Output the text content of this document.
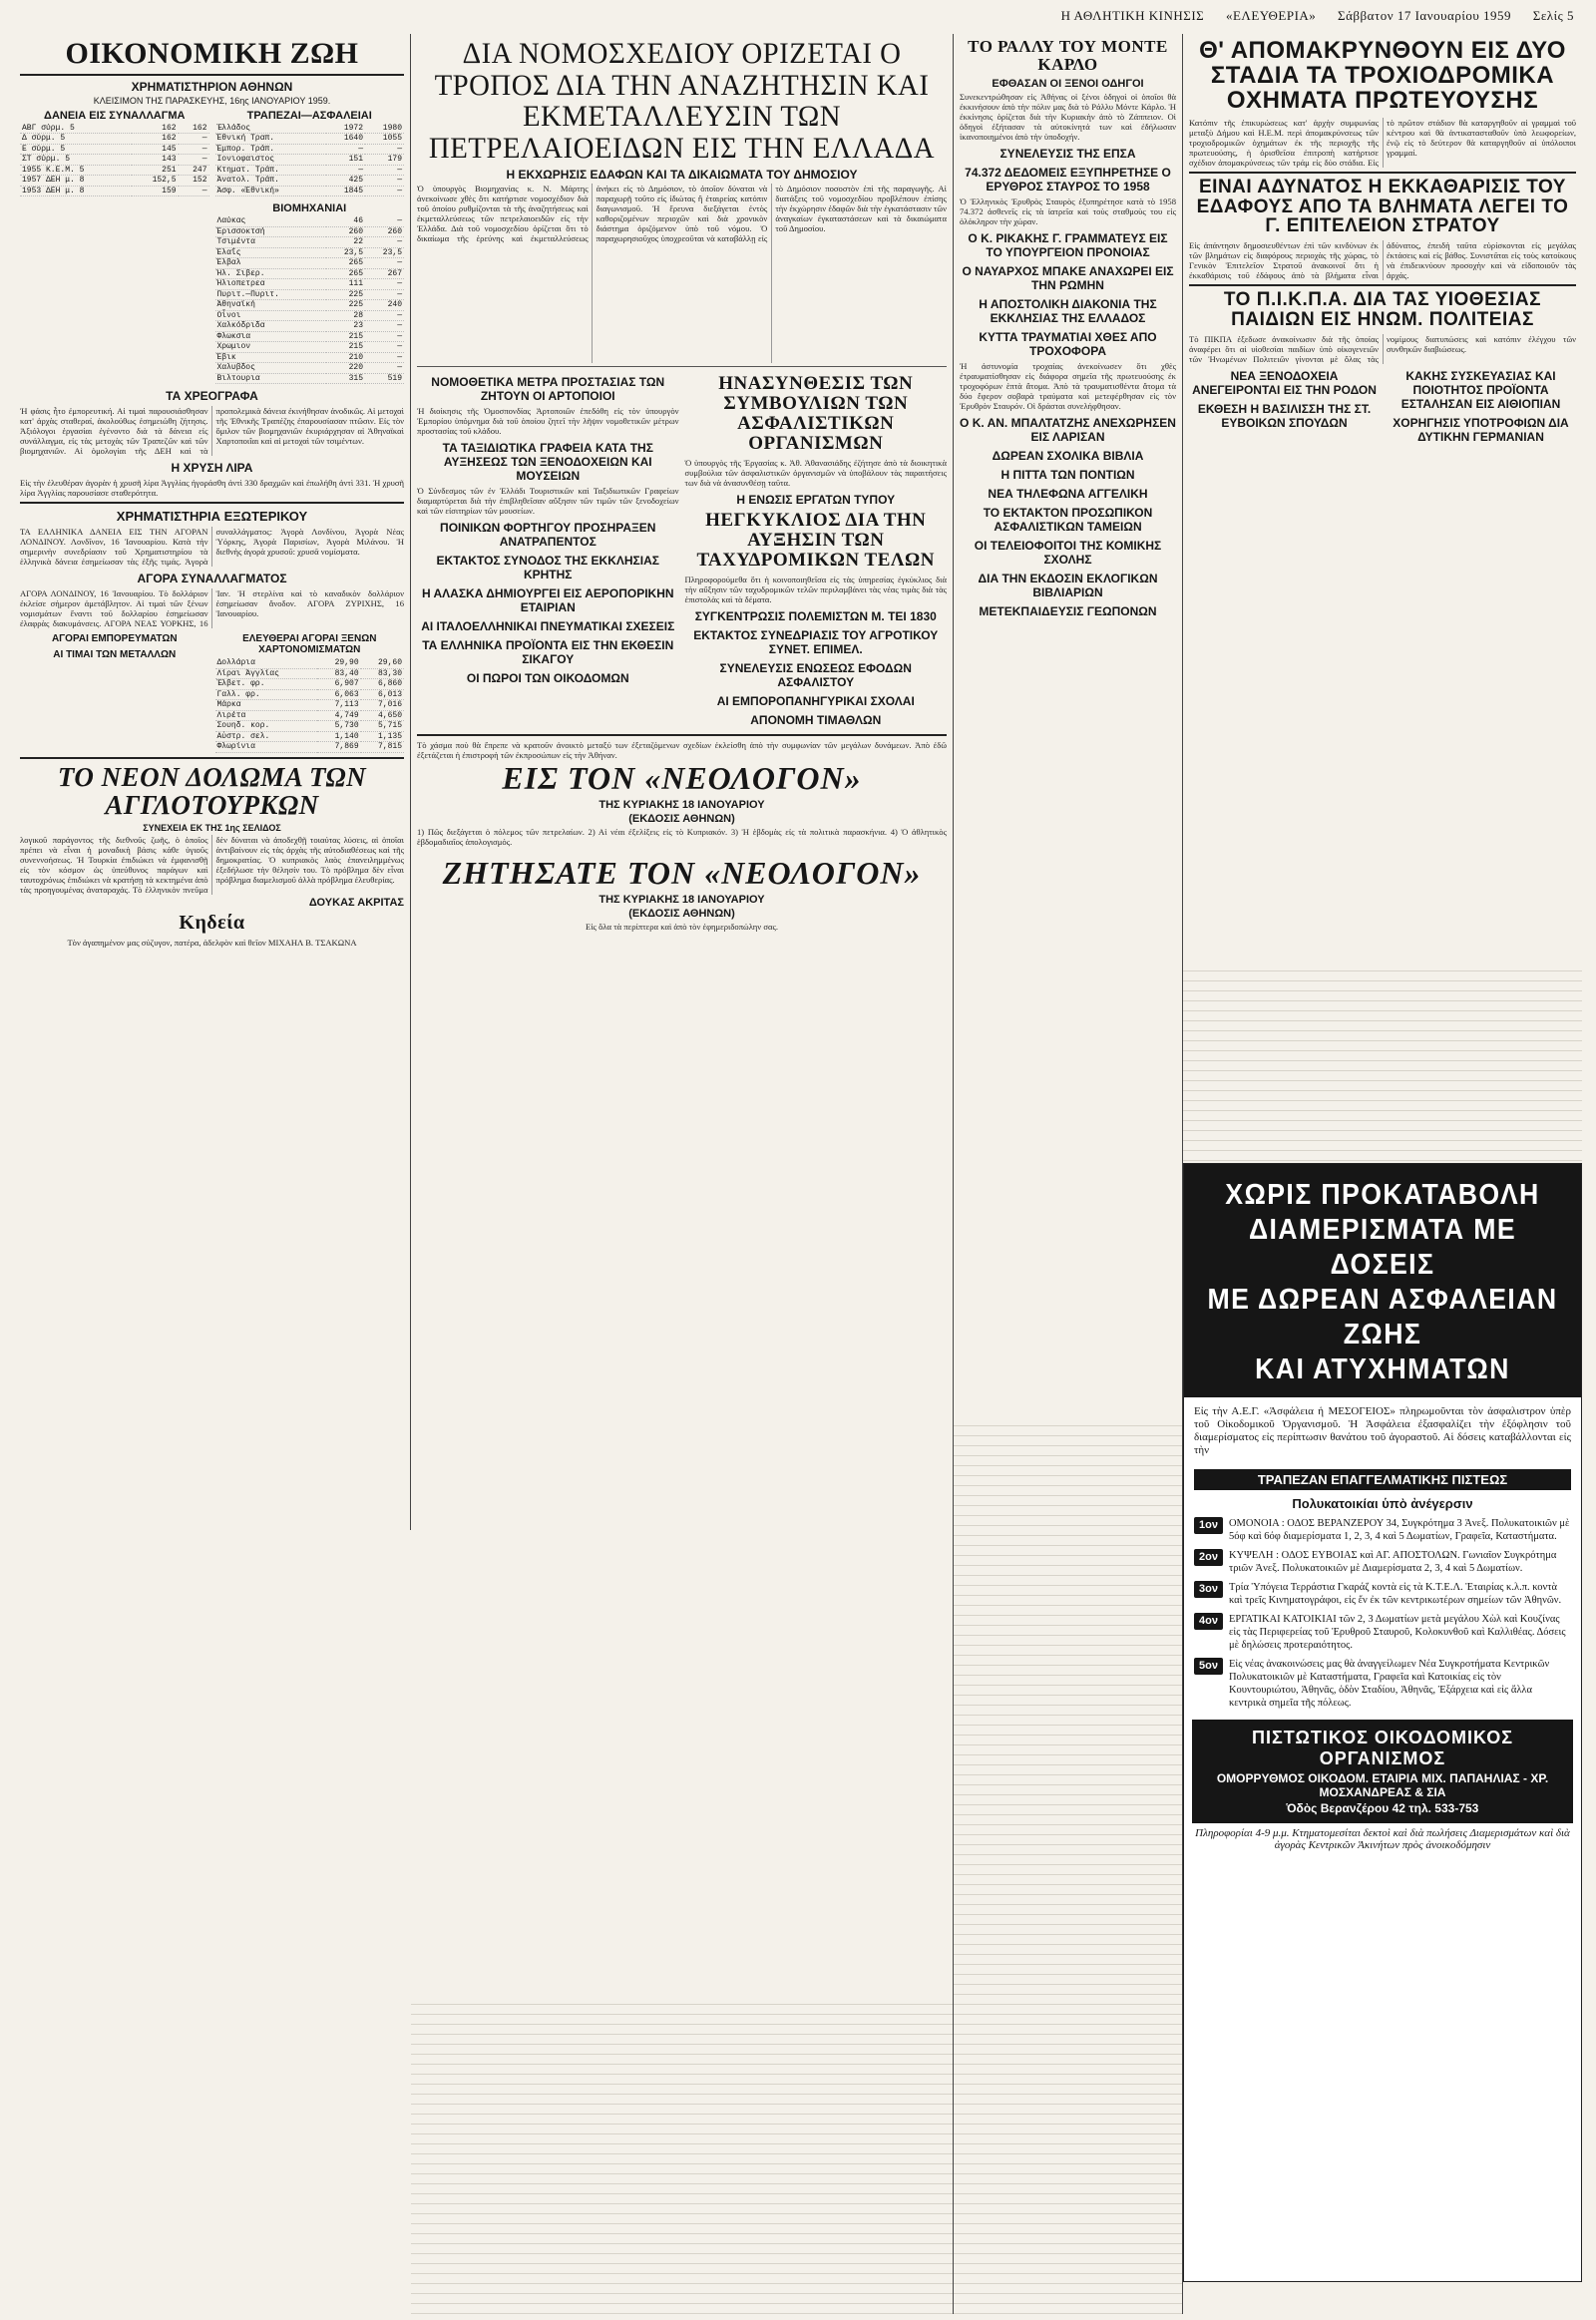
Η ΑΘΛΗΤΙΚΗ ΚΙΝΗΣΙΣ «ΕΛΕΥΘΕΡΙΑ» Σάββατον 17 Ιανουαρίου 1959 Σελίς 5
ΟΙΚΟΝΟΜΙΚΗ ΖΩΗ
ΧΡΗΜΑΤΙΣΤΗΡΙΟΝ ΑΘΗΝΩΝ
ΚΛΕΙΣΙΜΟΝ ΤΗΣ ΠΑΡΑΣΚΕΥΗΣ, 16ης ΙΑΝΟΥΑΡΙΟΥ 1959.
ΔΑΝΕΙΑ ΕΙΣ ΣΥΝΑΛΛΑΓΜΑ
ΑΒΓ σύρμ. 5	162	162
Δ σύρμ. 5	162	—
Ε σύρμ. 5	145	—
ΣΤ σύρμ. 5	143	—
1955 Κ.Ε.Μ. 5	251	247
1957 ΔΕΗ μ. 8	152,5	152
1953 ΔΕΗ μ. 8	159	—
ΤΡΑΠΕΖΑΙ—ΑΣΦΑΛΕΙΑΙ
Ἑλλάδος	1972	1980
Ἐθνική Τραπ.	1640	1055
Ἐμπορ. Τράπ.	—	—
Ιονιοφαιστος	151	179
Κτηματ. Τράπ.	—	—
Ἀνατολ. Τράπ.	425	—
Ἀσφ. «Ἐθνική»	1845	—
ΒΙΟΜΗΧΑΝΙΑΙ
Λαύκας	46	—
Ἐρισσοκτσή	260	260
Τσιμέντα	22	—
Ἐλαΐς	23,5	23,5
Ἐλβαλ	265	—
Ἡλ. Σιβερ.	265	267
Ἠλιοπετρεα	111	—
Πυριτ.—Πυριτ.	225	—
Ἀθηναϊκή	225	240
Οἶνοι	28	—
Χαλκόδριδα	23	—
Φλωκσια	215	—
Χρωμιον	215	—
Ἐβικ	210	—
Χαλυβδος	220	—
Βιλτουρια	315	519
ΤΑ ΧΡΕΟΓΡΑΦΑ
Ἡ φάσις ἦτο ἐμπορευτική. Αἱ τιμαὶ παρουσιάσθησαν κατ' ἀρχὰς σταθεραί, ἀκολούθως ἐσημειώθη ζήτησις. Ἀξιόλογοι ἐργασίαι ἐγένοντο διὰ τὰ δάνεια εἰς συνάλλαγμα, εἰς τὰς μετοχὰς τῶν Τραπεζῶν καὶ τῶν βιομηχανιῶν. Αἱ ὁμολογίαι τῆς ΔΕΗ καὶ τὰ προπολεμικὰ δάνεια ἐκινήθησαν ἀνοδικῶς. Αἱ μετοχαὶ τῆς Ἐθνικῆς Τραπέζης ἐπαρουσίασαν πτῶσιν. Εἰς τὸν ὅμιλον τῶν βιομηχανιῶν ἐκυριάρχησαν αἱ Ἀθηναϊκαὶ Χαρτοποιΐαι καὶ αἱ μετοχαὶ τῶν τσιμέντων.
Η ΧΡΥΣΗ ΛΙΡΑ
Εἰς τὴν ἐλευθέραν ἀγορὰν ἡ χρυσῆ λίρα Ἀγγλίας ἠγοράσθη ἀντὶ 330 δραχμῶν καὶ ἐπωλήθη ἀντὶ 331. Ἡ χρυσῆ λίρα Ἀγγλίας παρουσίασε σταθερότητα.
ΧΡΗΜΑΤΙΣΤΗΡΙΑ ΕΞΩΤΕΡΙΚΟΥ
ΤΑ ΕΛΛΗΝΙΚΑ ΔΑΝΕΙΑ ΕΙΣ ΤΗΝ ΑΓΟΡΑΝ ΛΟΝΔΙΝΟΥ. Λονδῖνον, 16 Ἰανουαρίου. Κατὰ τὴν σημερινὴν συνεδρίασιν τοῦ Χρηματιστηρίου τὰ ἑλληνικὰ δάνεια ἐσημείωσαν τὰς ἑξῆς τιμάς. Ἀγορὰ συναλλάγματος: Ἀγορὰ Λονδίνου, Ἀγορὰ Νέας Ὑόρκης, Ἀγορὰ Παρισίων, Ἀγορὰ Μιλάνου. Ἡ διεθνὴς ἀγορὰ χρυσοῦ: χρυσᾶ νομίσματα.
ΑΓΟΡΑ ΣΥΝΑΛΛΑΓΜΑΤΟΣ
ΑΓΟΡΑ ΛΟΝΔΙΝΟΥ, 16 Ἰανουαρίου. Τὸ δολλάριον ἐκλείσε σήμερον ἀμετάβλητον. Αἱ τιμαὶ τῶν ξένων νομισμάτων ἔναντι τοῦ δολλαρίου ἐσημείωσαν ἐλαφρὰς διακυμάνσεις. ΑΓΟΡΑ ΝΕΑΣ ΥΟΡΚΗΣ, 16 Ἰαν. Ἡ στερλίνα καὶ τὸ καναδικὸν δολλάριον ἐσημείωσαν ἄνοδον. ΑΓΟΡΑ ΖΥΡΙΧΗΣ, 16 Ἰανουαρίου.
ΑΓΟΡΑΙ ΕΜΠΟΡΕΥΜΑΤΩΝ
ΑΙ ΤΙΜΑΙ ΤΩΝ ΜΕΤΑΛΛΩΝ
ΕΛΕΥΘΕΡΑΙ ΑΓΟΡΑΙ ΞΕΝΩΝ ΧΑΡΤΟΝΟΜΙΣΜΑΤΩΝ
Δολλάρια	29,90	29,60
Λίραι Ἀγγλίας	83,40	83,30
Ἑλβετ. φρ.	6,907	6,860
Γαλλ. φρ.	6,063	6,013
Μάρκα	7,113	7,016
Λιρέτα	4,749	4,650
Σουηδ. κορ.	5,730	5,715
Αὐστρ. σελ.	1,140	1,135
Φλωρίνια	7,869	7,815
ΤΟ ΝΕΟΝ ΔΟΛΩΜΑ ΤΩΝ ΑΓΓΛΟΤΟΥΡΚΩΝ
ΣΥΝΕΧΕΙΑ ΕΚ ΤΗΣ 1ης ΣΕΛΙΔΟΣ
λογικοῦ παράγοντος τῆς διεθνοῦς ζωῆς, ὁ ὁποῖος πρέπει νὰ εἶναι ἡ μοναδικὴ βάσις κάθε ὑγιοῦς συνεννοήσεως. Ἡ Τουρκία ἐπιδιώκει νὰ ἐμφανισθῇ εἰς τὸν κόσμον ὡς ὑπεύθυνος παράγων καὶ ταυτοχρόνως ἐπιδιώκει νὰ κρατήσῃ τὰ κεκτημένα ἀπὸ τὰς προηγουμένας ἀναταραχάς. Τὸ ἑλληνικὸν πνεῦμα δὲν δύναται νὰ ἀποδεχθῇ τοιαύτας λύσεις, αἱ ὁποῖαι ἀντιβαίνουν εἰς τὰς ἀρχὰς τῆς αὐτοδιαθέσεως καὶ τῆς δημοκρατίας. Ὁ κυπριακὸς λαὸς ἐπανειλημμένως ἐξεδήλωσε τὴν θέλησίν του. Τὸ πρόβλημα δὲν εἶναι πρόβλημα διαμελισμοῦ ἀλλὰ πρόβλημα ἐλευθερίας.
ΔΟΥΚΑΣ ΑΚΡΙΤΑΣ
Κηδεία
Τὸν ἀγαπημένον μας σύζυγον, πατέρα, ἀδελφὸν καὶ θεῖον ΜΙΧΑΗΛ Β. ΤΣΑΚΩΝΑ
ΔΙΑ ΝΟΜΟΣΧΕΔΙΟΥ ΟΡΙΖΕΤΑΙ Ο ΤΡΟΠΟΣ ΔΙΑ ΤΗΝ ΑΝΑΖΗΤΗΣΙΝ ΚΑΙ ΕΚΜΕΤΑΛΛΕΥΣΙΝ ΤΩΝ ΠΕΤΡΕΛΑΙΟΕΙΔΩΝ ΕΙΣ ΤΗΝ ΕΛΛΑΔΑ
Η ΕΚΧΩΡΗΣΙΣ ΕΔΑΦΩΝ ΚΑΙ ΤΑ ΔΙΚΑΙΩΜΑΤΑ ΤΟΥ ΔΗΜΟΣΙΟΥ
Ὁ ὑπουργὸς Βιομηχανίας κ. Ν. Μάρτης ἀνεκοίνωσε χθὲς ὅτι κατήρτισε νομοσχέδιον διὰ τοῦ ὁποίου ρυθμίζονται τὰ τῆς ἀναζητήσεως καὶ ἐκμεταλλεύσεως τῶν πετρελαιοειδῶν εἰς τὴν Ἑλλάδα. Διὰ τοῦ νομοσχεδίου ὁρίζεται ὅτι τὸ δικαίωμα τῆς ἐρεύνης καὶ ἐκμεταλλεύσεως ἀνήκει εἰς τὸ Δημόσιον, τὸ ὁποῖον δύναται νὰ παραχωρῇ τοῦτο εἰς ἰδιώτας ἢ ἑταιρείας κατόπιν διαγωνισμοῦ. Ἡ ἔρευνα διεξάγεται ἐντὸς καθοριζομένων περιοχῶν καὶ διὰ χρονικὸν διάστημα ὁριζόμενον ὑπὸ τοῦ νόμου. Ὁ παραχωρησιοῦχος ὑποχρεοῦται νὰ καταβάλλῃ εἰς τὸ Δημόσιον ποσοστὸν ἐπὶ τῆς παραγωγῆς. Αἱ διατάξεις τοῦ νομοσχεδίου προβλέπουν ἐπίσης τὴν ἐκχώρησιν ἐδαφῶν διὰ τὴν ἐγκατάστασιν τῶν ἀναγκαίων ἐγκαταστάσεων καὶ τὰ δικαιώματα τοῦ Δημοσίου.
ΝΟΜΟΘΕΤΙΚΑ ΜΕΤΡΑ ΠΡΟΣΤΑΣΙΑΣ ΤΩΝ ΖΗΤΟΥΝ ΟΙ ΑΡΤΟΠΟΙΟΙ
Ἡ διοίκησις τῆς Ὁμοσπονδίας Ἀρτοποιῶν ἐπεδόθη εἰς τὸν ὑπουργὸν Ἐμπορίου ὑπόμνημα διὰ τοῦ ὁποίου ζητεῖ τὴν λῆψιν νομοθετικῶν μέτρων προστασίας τοῦ κλάδου.
ΤΑ ΤΑΞΙΔΙΩΤΙΚΑ ΓΡΑΦΕΙΑ ΚΑΤΑ ΤΗΣ ΑΥΞΗΣΕΩΣ ΤΩΝ ΞΕΝΟΔΟΧΕΙΩΝ ΚΑΙ ΜΟΥΣΕΙΩΝ
Ὁ Σύνδεσμος τῶν ἐν Ἑλλάδι Τουριστικῶν καὶ Ταξιδιωτικῶν Γραφείων διαμαρτύρεται διὰ τὴν ἐπιβληθεῖσαν αὔξησιν τῶν τιμῶν τῶν ξενοδοχείων καὶ τῶν εἰσιτηρίων τῶν μουσείων.
ΠΟΙΝΙΚΩΝ ΦΟΡΤΗΓΟΥ ΠΡΟΣΗΡΑΞΕΝ ΑΝΑΤΡΑΠΕΝΤΟΣ
ΕΚΤΑΚΤΟΣ ΣΥΝΟΔΟΣ ΤΗΣ ΕΚΚΛΗΣΙΑΣ ΚΡΗΤΗΣ
Η ΑΛΑΣΚΑ ΔΗΜΙΟΥΡΓΕΙ ΕΙΣ ΑΕΡΟΠΟΡΙΚΗΝ ΕΤΑΙΡΙΑΝ
ΑΙ ΙΤΑΛΟΕΛΛΗΝΙΚΑΙ ΠΝΕΥΜΑΤΙΚΑΙ ΣΧΕΣΕΙΣ
ΤΑ ΕΛΛΗΝΙΚΑ ΠΡΟΪΟΝΤΑ ΕΙΣ ΤΗΝ ΕΚΘΕΣΙΝ ΣΙΚΑΓΟΥ
ΟΙ ΠΩΡΟΙ ΤΩΝ ΟΙΚΟΔΟΜΩΝ
ΗΝΑΣΥΝΘΕΣΙΣ ΤΩΝ ΣΥΜΒΟΥΛΙΩΝ ΤΩΝ ΑΣΦΑΛΙΣΤΙΚΩΝ ΟΡΓΑΝΙΣΜΩΝ
Ὁ ὑπουργὸς τῆς Ἐργασίας κ. Ἀθ. Ἀθανασιάδης ἐζήτησε ἀπὸ τὰ διοικητικὰ συμβούλια τῶν ἀσφαλιστικῶν ὀργανισμῶν νὰ ὑποβάλουν τὰς παραιτήσεις των διὰ νὰ ἀνασυνθέσῃ ταῦτα.
Η ΕΝΩΣΙΣ ΕΡΓΑΤΩΝ ΤΥΠΟΥ
ΗΕΓΚΥΚΛΙΟΣ ΔΙΑ ΤΗΝ ΑΥΞΗΣΙΝ ΤΩΝ ΤΑΧΥΔΡΟΜΙΚΩΝ ΤΕΛΩΝ
Πληροφορούμεθα ὅτι ἡ κοινοποιηθεῖσα εἰς τὰς ὑπηρεσίας ἐγκύκλιος διὰ τὴν αὔξησιν τῶν ταχυδρομικῶν τελῶν περιλαμβάνει τὰς νέας τιμὰς διὰ τὰς ἐπιστολὰς καὶ τὰ δέματα.
ΣΥΓΚΕΝΤΡΩΣΙΣ ΠΟΛΕΜΙΣΤΩΝ Μ. ΤΕΙ 1830
ΕΚΤΑΚΤΟΣ ΣΥΝΕΔΡΙΑΣΙΣ ΤΟΥ ΑΓΡΟΤΙΚΟΥ ΣΥΝΕΤ. ΕΠΙΜΕΛ.
ΣΥΝΕΛΕΥΣΙΣ ΕΝΩΣΕΩΣ ΕΦΟΔΩΝ ΑΣΦΑΛΙΣΤΟΥ
ΑΙ ΕΜΠΟΡΟΠΑΝΗΓΥΡΙΚΑΙ ΣΧΟΛΑΙ
ΑΠΟΝΟΜΗ ΤΙΜΑΘΛΩΝ
Τὸ χάσμα ποὺ θὰ ἔπρεπε νὰ κρατοῦν ἀνοικτὸ μεταξύ των ἐξεταζόμενων σχεδίων ἐκλείσθη ἀπὸ τὴν συμφωνίαν τῶν μεγάλων δυνάμεων. Ἀπὸ ἐδῶ ἐξετάζεται ἡ ἐπιστροφὴ τῶν ἐκπροσώπων εἰς τὴν Ἀθήναν.
ΕΙΣ ΤΟΝ «ΝΕΟΛΟΓΟΝ»
ΤΗΣ ΚΥΡΙΑΚΗΣ 18 ΙΑΝΟΥΑΡΙΟΥ
(ΕΚΔΟΣΙΣ ΑΘΗΝΩΝ)
1) Πῶς διεξάγεται ὁ πόλεμος τῶν πετρελαίων. 2) Αἱ νέαι ἐξελίξεις εἰς τὸ Κυπριακόν. 3) Ἡ ἑβδομὰς εἰς τὰ πολιτικὰ παρασκήνια. 4) Ὁ ἀθλητικὸς ἑβδομαδιαῖος ἀπολογισμός.
ΖΗΤΗΣΑΤΕ ΤΟΝ «ΝΕΟΛΟΓΟΝ»
ΤΗΣ ΚΥΡΙΑΚΗΣ 18 ΙΑΝΟΥΑΡΙΟΥ
(ΕΚΔΟΣΙΣ ΑΘΗΝΩΝ)
Εἰς ὅλα τὰ περίπτερα καὶ ἀπὸ τὸν ἐφημεριδοπώλην σας.
ΤΟ ΡΑΛΛΥ ΤΟΥ ΜΟΝΤΕ ΚΑΡΛΟ
ΕΦΘΑΣΑΝ ΟΙ ΞΕΝΟΙ ΟΔΗΓΟΙ
Συνεκεντρώθησαν εἰς Ἀθήνας οἱ ξένοι ὁδηγοὶ οἱ ὁποῖοι θὰ ἐκκινήσουν ἀπὸ τὴν πόλιν μας διὰ τὸ Ράλλυ Μόντε Κάρλο. Ἡ ἐκκίνησις ὁρίζεται διὰ τὴν Κυριακὴν ἀπὸ τὸ Ζάππειον. Οἱ ὁδηγοὶ ἐξήτασαν τὰ αὐτοκίνητά των καὶ ἐδήλωσαν ἱκανοποιημένοι ἀπὸ τὴν ὑποδοχήν.
ΣΥΝΕΛΕΥΣΙΣ ΤΗΣ ΕΠΣΑ
74.372 ΔΕΔΟΜΕΙΣ ΕΞΥΠΗΡΕΤΗΣΕ Ο ΕΡΥΘΡΟΣ ΣΤΑΥΡΟΣ ΤΟ 1958
Ὁ Ἑλληνικὸς Ἐρυθρὸς Σταυρὸς ἐξυπηρέτησε κατὰ τὸ 1958 74.372 ἀσθενεῖς εἰς τὰ ἰατρεῖα καὶ τοὺς σταθμοὺς του εἰς ὁλόκληρον τὴν χώραν.
Ο Κ. ΡΙΚΑΚΗΣ Γ. ΓΡΑΜΜΑΤΕΥΣ ΕΙΣ ΤΟ ΥΠΟΥΡΓΕΙΟΝ ΠΡΟΝΟΙΑΣ
Ο ΝΑΥΑΡΧΟΣ ΜΠΑΚΕ ΑΝΑΧΩΡΕΙ ΕΙΣ ΤΗΝ ΡΩΜΗΝ
Η ΑΠΟΣΤΟΛΙΚΗ ΔΙΑΚΟΝΙΑ ΤΗΣ ΕΚΚΛΗΣΙΑΣ ΤΗΣ ΕΛΛΑΔΟΣ
ΚΥΤΤΑ ΤΡΑΥΜΑΤΙΑΙ ΧΘΕΣ ΑΠΟ ΤΡΟΧΟΦΟΡΑ
Ἡ ἀστυνομία τροχαίας ἀνεκοίνωσεν ὅτι χθὲς ἐτραυματίσθησαν εἰς διάφορα σημεῖα τῆς πρωτευούσης ἐκ τροχοφόρων ἑπτὰ ἄτομα. Ἀπὸ τὰ τραυματισθέντα ἄτομα τὰ δύο ἔφερον σοβαρὰ τραύματα καὶ μετεφέρθησαν εἰς τὸν Ἐρυθρὸν Σταυρόν. Οἱ δράσται συνελήφθησαν.
Ο Κ. ΑΝ. ΜΠΑΛΤΑΤΖΗΣ ΑΝΕΧΩΡΗΣΕΝ ΕΙΣ ΛΑΡΙΣΑΝ
ΔΩΡΕΑΝ ΣΧΟΛΙΚΑ ΒΙΒΛΙΑ
Η ΠΙΤΤΑ ΤΩΝ ΠΟΝΤΙΩΝ
ΝΕΑ ΤΗΛΕΦΩΝΑ ΑΓΓΕΛΙΚΗ
ΤΟ ΕΚΤΑΚΤΟΝ ΠΡΟΣΩΠΙΚΟΝ ΑΣΦΑΛΙΣΤΙΚΩΝ ΤΑΜΕΙΩΝ
ΟΙ ΤΕΛΕΙΟΦΟΙΤΟΙ ΤΗΣ ΚΟΜΙΚΗΣ ΣΧΟΛΗΣ
ΔΙΑ ΤΗΝ ΕΚΔΟΣΙΝ ΕΚΛΟΓΙΚΩΝ ΒΙΒΛΙΑΡΙΩΝ
ΜΕΤΕΚΠΑΙΔΕΥΣΙΣ ΓΕΩΠΟΝΩΝ
Θ' ΑΠΟΜΑΚΡΥΝΘΟΥΝ ΕΙΣ ΔΥΟ ΣΤΑΔΙΑ ΤΑ ΤΡΟΧΙΟΔΡΟΜΙΚΑ ΟΧΗΜΑΤΑ ΠΡΩΤΕΥΟΥΣΗΣ
Κατόπιν τῆς ἐπικυρώσεως κατ' ἀρχὴν συμφωνίας μεταξὺ Δήμου καὶ Η.Ε.Μ. περὶ ἀπομακρύνσεως τῶν τροχιοδρομικῶν ὀχημάτων ἐκ τῆς περιοχῆς τῆς πρωτευούσης, ἡ ὀρισθεῖσα ἐπιτροπὴ κατήρτισε σχέδιον ἀπομακρύνσεως τῶν τράμ εἰς δύο στάδια. Εἰς τὸ πρῶτον στάδιον θὰ καταργηθοῦν αἱ γραμμαὶ τοῦ κέντρου καὶ θὰ ἀντικατασταθοῦν ὑπὸ λεωφορείων, ἐνῷ εἰς τὸ δεύτερον θὰ καταργηθοῦν αἱ ὑπόλοιποι γραμμαί.
ΕΙΝΑΙ ΑΔΥΝΑΤΟΣ Η ΕΚΚΑΘΑΡΙΣΙΣ ΤΟΥ ΕΔΑΦΟΥΣ ΑΠΟ ΤΑ ΒΛΗΜΑΤΑ ΛΕΓΕΙ ΤΟ Γ. ΕΠΙΤΕΛΕΙΟΝ ΣΤΡΑΤΟΥ
Εἰς ἀπάντησιν δημοσιευθέντων ἐπὶ τῶν κινδύνων ἐκ τῶν βλημάτων εἰς διαφόρους περιοχὰς τῆς χώρας, τὸ Γενικὸν Ἐπιτελεῖον Στρατοῦ ἀνακοινοῖ ὅτι ἡ ἐκκαθάρισις τοῦ ἐδάφους ἀπὸ τὰ βλήματα εἶναι ἀδύνατος, ἐπειδὴ ταῦτα εὑρίσκονται εἰς μεγάλας ἐκτάσεις καὶ εἰς βάθος. Συνιστᾶται εἰς τοὺς κατοίκους νὰ ἐπιδεικνύουν προσοχὴν καὶ νὰ εἰδοποιοῦν τὰς ἀρχάς.
ΤΟ Π.Ι.Κ.Π.Α. ΔΙΑ ΤΑΣ ΥΙΟΘΕΣΙΑΣ ΠΑΙΔΙΩΝ ΕΙΣ ΗΝΩΜ. ΠΟΛΙΤΕΙΑΣ
Τὸ ΠΙΚΠΑ ἐξεδωσε ἀνακοίνωσιν διὰ τῆς ὁποίας ἀναφέρει ὅτι αἱ υἱοθεσίαι παιδίων ὑπὸ οἰκογενειῶν τῶν Ἡνωμένων Πολιτειῶν γίνονται μὲ ὅλας τὰς νομίμους διατυπώσεις καὶ κατόπιν ἐλέγχου τῶν συνθηκῶν διαβιώσεως.
ΝΕΑ ΞΕΝΟΔΟΧΕΙΑ ΑΝΕΓΕΙΡΟΝΤΑΙ ΕΙΣ ΤΗΝ ΡΟΔΟΝ
ΕΚΘΕΣΗ Η ΒΑΣΙΛΙΣΣΗ ΤΗΣ ΣΤ. ΕΥΒΟΙΚΩΝ ΣΠΟΥΔΩΝ
ΚΑΚΗΣ ΣΥΣΚΕΥΑΣΙΑΣ ΚΑΙ ΠΟΙΟΤΗΤΟΣ ΠΡΟΪΟΝΤΑ ΕΣΤΑΛΗΣΑΝ ΕΙΣ ΑΙΘΙΟΠΙΑΝ
ΧΟΡΗΓΗΣΙΣ ΥΠΟΤΡΟΦΙΩΝ ΔΙΑ ΔΥΤΙΚΗΝ ΓΕΡΜΑΝΙΑΝ
ΧΩΡΙΣ ΠΡΟΚΑΤΑΒΟΛΗ
ΔΙΑΜΕΡΙΣΜΑΤΑ ΜΕ ΔΟΣΕΙΣ
ΜΕ ΔΩΡΕΑΝ ΑΣΦΑΛΕΙΑΝ ΖΩΗΣ
ΚΑΙ ΑΤΥΧΗΜΑΤΩΝ
Εἰς τὴν Α.Ε.Γ. «Ἀσφάλεια ἡ ΜΕΣΟΓΕΙΟΣ» πληρωμοῦνται τὸν ἀσφαλιστρον ὑπὲρ τοῦ Οἰκοδομικοῦ Ὀργανισμοῦ. Ἡ Ἀσφάλεια ἐξασφαλίζει τὴν ἐξόφλησιν τοῦ διαμερίσματος εἰς περίπτωσιν θανάτου τοῦ ἀγοραστοῦ. Αἱ δόσεις καταβάλλονται εἰς τὴν
ΤΡΑΠΕΖΑΝ ΕΠΑΓΓΕΛΜΑΤΙΚΗΣ ΠΙΣΤΕΩΣ
Πολυκατοικίαι ὑπὸ ἀνέγερσιν
1ον	ΟΜΟΝΟΙΑ : ΟΔΟΣ ΒΕΡΑΝΖΕΡΟΥ 34, Συγκρότημα 3 Ἀνεξ. Πολυκατοικιῶν μὲ 5όφ καὶ 6όφ διαμερίσματα 1, 2, 3, 4 καὶ 5 Δωματίων, Γραφεῖα, Καταστήματα.
2ον	ΚΥΨΕΛΗ : ΟΔΟΣ ΕΥΒΟΙΑΣ καὶ ΑΓ. ΑΠΟΣΤΟΛΩΝ. Γωνιαῖον Συγκρότημα τριῶν Ἀνεξ. Πολυκατοικιῶν μὲ Διαμερίσματα 2, 3, 4 καὶ 5 Δωματίων.
3ον	Τρία Ὑπόγεια Τερράστια Γκαράζ κοντὰ εἰς τὰ Κ.Τ.Ε.Λ. Ἐταιρίας κ.λ.π. κοντὰ καὶ τρεῖς Κινηματογράφοι, εἰς ἕν ἐκ τῶν κεντρικωτέρων σημείων τῶν Ἀθηνῶν.
4ον	ΕΡΓΑΤΙΚΑΙ ΚΑΤΟΙΚΙΑΙ τῶν 2, 3 Δωματίων μετὰ μεγάλου Χὼλ καὶ Κουζίνας εἰς τὰς Περιφερείας τοῦ Ἐρυθροῦ Σταυροῦ, Κολοκυνθοῦ καὶ Καλλιθέας. Δόσεις μὲ δηλώσεις προτεραιότητος.
5ον	Εἰς νέας ἀνακοινώσεις μας θὰ ἀναγγείλωμεν Νέα Συγκροτήματα Κεντρικῶν Πολυκατοικιῶν μὲ Καταστήματα, Γραφεῖα καὶ Κατοικίας εἰς τὸν Κουντουριώτου, Ἀθηνᾶς, ὁδὸν Σταδίου, Ἀθηνᾶς, Ἐξάρχεια καὶ εἰς ἄλλα κεντρικὰ σημεῖα τῆς πόλεως.
ΠΙΣΤΩΤΙΚΟΣ ΟΙΚΟΔΟΜΙΚΟΣ ΟΡΓΑΝΙΣΜΟΣ
ΟΜΟΡΡΥΘΜΟΣ ΟΙΚΟΔΟΜ. ΕΤΑΙΡΙΑ ΜΙΧ. ΠΑΠΑΗΛΙΑΣ - ΧΡ. ΜΟΣΧΑΝΔΡΕΑΣ & ΣΙΑ
Ὁδὸς Βερανζέρου 42 τηλ. 533-753
Πληροφορίαι 4-9 μ.μ. Κτηματομεσίται δεκτοὶ καὶ διὰ πωλήσεις Διαμερισμάτων καὶ διὰ ἀγορὰς Κεντρικῶν Ἀκινήτων πρὸς ἀνοικοδόμησιν
